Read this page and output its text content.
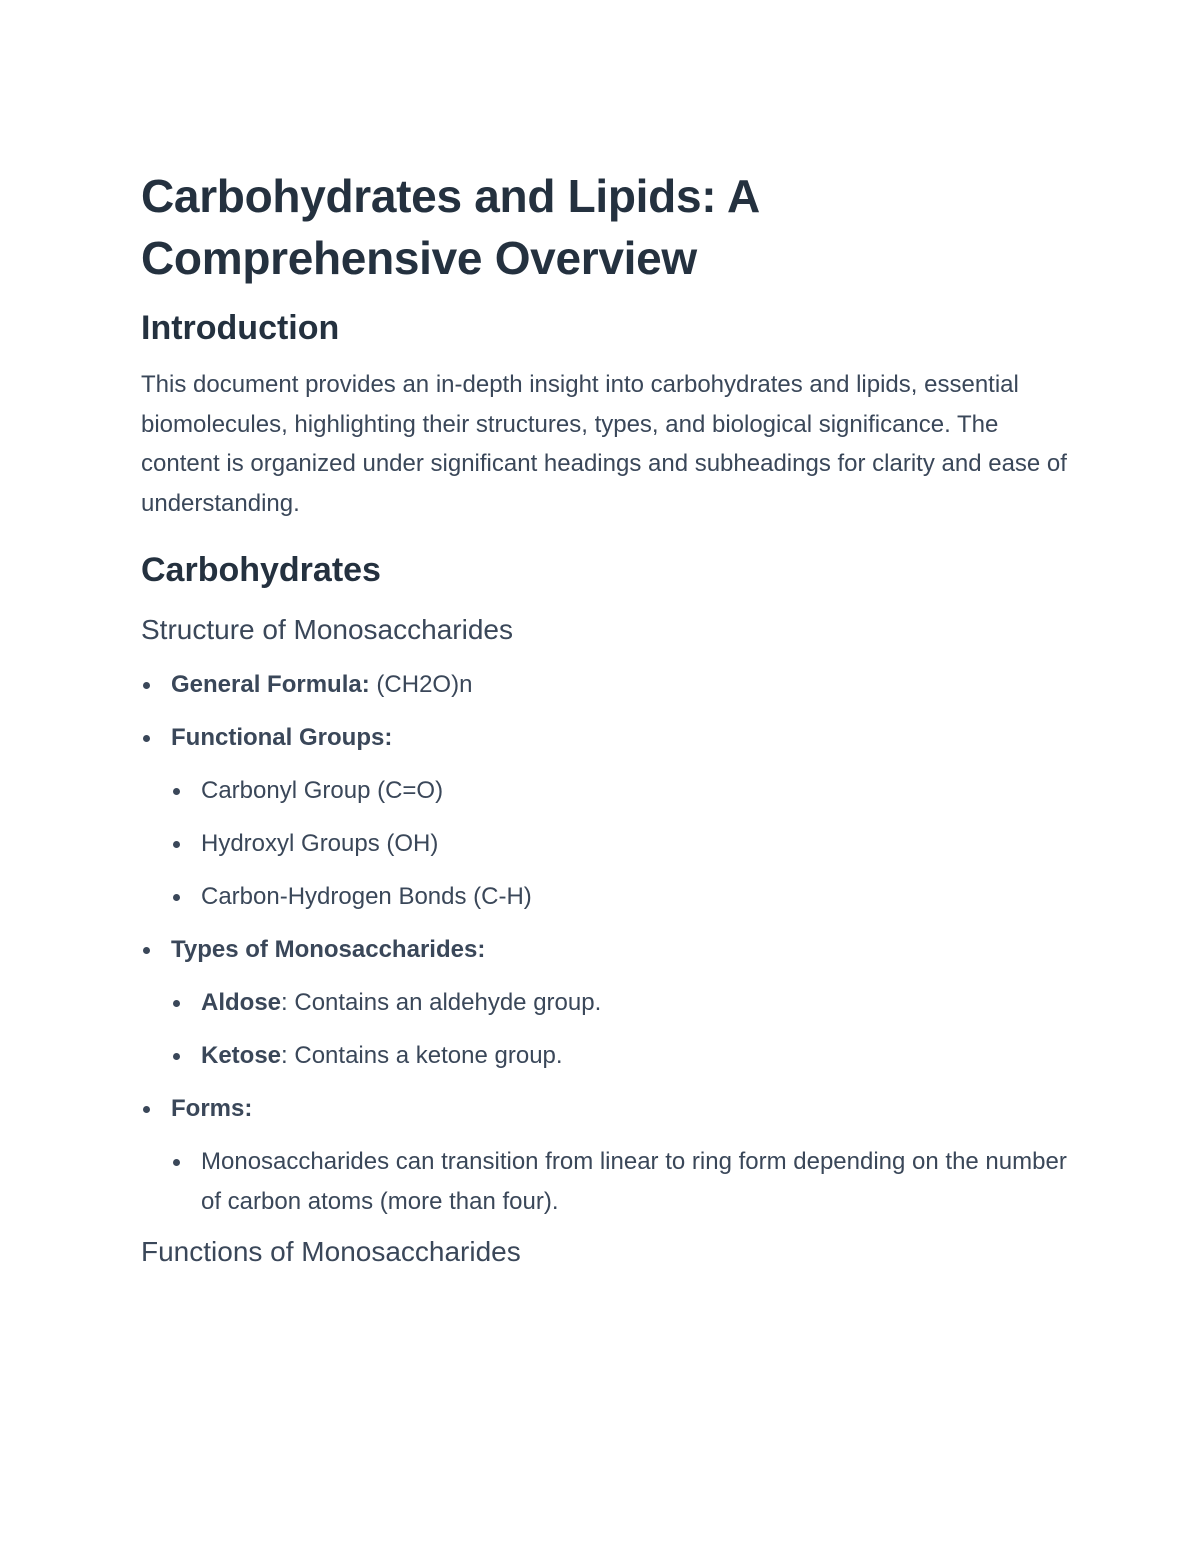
Carbohydrates and Lipids: A Comprehensive Overview
Introduction

This document provides an in-depth insight into carbohydrates and lipids, essential biomolecules, highlighting their structures, types, and biological significance. The content is organized under significant headings and subheadings for clarity and ease of understanding.

Carbohydrates
Structure of Monosaccharides
General Formula: (CH2O)n
Functional Groups:
Carbonyl Group (C=O)
Hydroxyl Groups (OH)
Carbon-Hydrogen Bonds (C-H)
Types of Monosaccharides:
Aldose: Contains an aldehyde group.
Ketose: Contains a ketone group.
Forms:
Monosaccharides can transition from linear to ring form depending on the number of carbon atoms (more than four).
Functions of Monosaccharides
